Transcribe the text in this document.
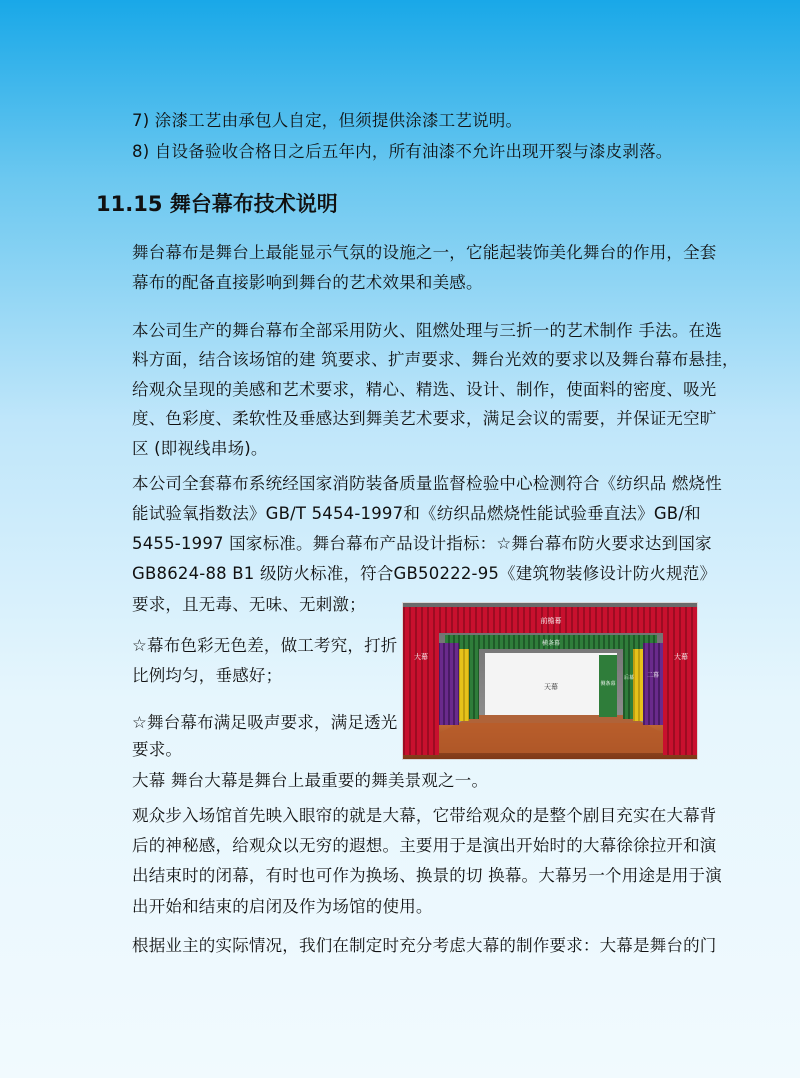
7) 涂漆工艺由承包人自定，但须提供涂漆工艺说明。
8) 自设备验收合格日之后五年内，所有油漆不允许出现开裂与漆皮剥落。
11.15 舞台幕布技术说明
舞台幕布是舞台上最能显示气氛的设施之一，它能起装饰美化舞台的作用，全套
幕布的配备直接影响到舞台的艺术效果和美感。
本公司生产的舞台幕布全部采用防火、阻燃处理与三折一的艺术制作 手法。在选
料方面，结合该场馆的建 筑要求、扩声要求、舞台光效的要求以及舞台幕布悬挂，
给观众呈现的美感和艺术要求，精心、精选、设计、制作，使面料的密度、吸光
度、色彩度、柔软性及垂感达到舞美艺术要求，满足会议的需要，并保证无空旷
区 (即视线串场)。
本公司全套幕布系统经国家消防装备质量监督检验中心检测符合《纺织品 燃烧性
能试验氧指数法》GB/T 5454-1997和《纺织品燃烧性能试验垂直法》GB/和
5455-1997 国家标准。舞台幕布产品设计指标：☆舞台幕布防火要求达到国家
GB8624-88 B1 级防火标准，符合GB50222-95《建筑物装修设计防火规范》
要求，且无毒、无味、无刺激；
☆幕布色彩无色差，做工考究，打折
比例均匀，垂感好；
☆舞台幕布满足吸声要求，满足透光
要求。
大幕 舞台大幕是舞台上最重要的舞美景观之一。
观众步入场馆首先映入眼帘的就是大幕，它带给观众的是整个剧目充实在大幕背
后的神秘感，给观众以无穷的遐想。主要用于是演出开始时的大幕徐徐拉开和演
出结束时的闭幕，有时也可作为换场、换景的切 换幕。大幕另一个用途是用于演
出开始和结束的启闭及作为场馆的使用。
根据业主的实际情况，我们在制定时充分考虑大幕的制作要求：大幕是舞台的门
前檐幕
横条幕
天幕
大幕	大幕
二幕
侧条幕
后幕
